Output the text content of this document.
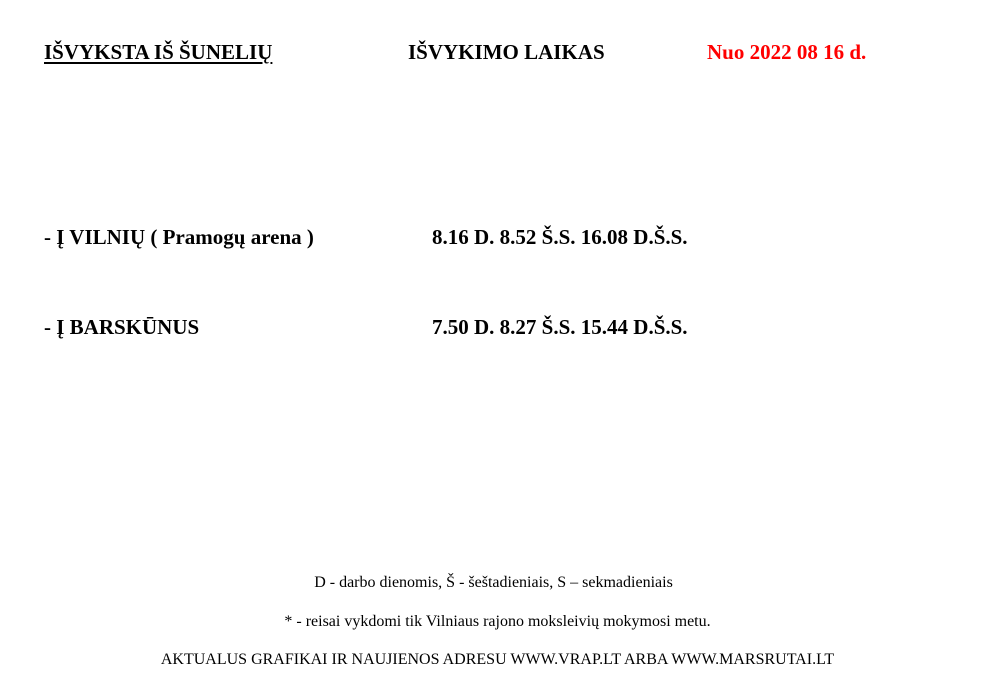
IŠVYKSTA IŠ ŠUNELIŲ	IŠVYKIMO LAIKAS	Nuo 2022 08 16 d.
- Į VILNIŲ ( Pramogų arena )	8.16 D. 8.52 Š.S. 16.08 D.Š.S.
- Į BARSKŪNUS	7.50 D. 8.27 Š.S. 15.44 D.Š.S.
D - darbo dienomis, Š - šeštadieniais, S – sekmadieniais
* - reisai vykdomi tik Vilniaus rajono moksleivių mokymosi metu.
AKTUALUS GRAFIKAI IR NAUJIENOS ADRESU WWW.VRAP.LT ARBA WWW.MARSRUTAI.LT
